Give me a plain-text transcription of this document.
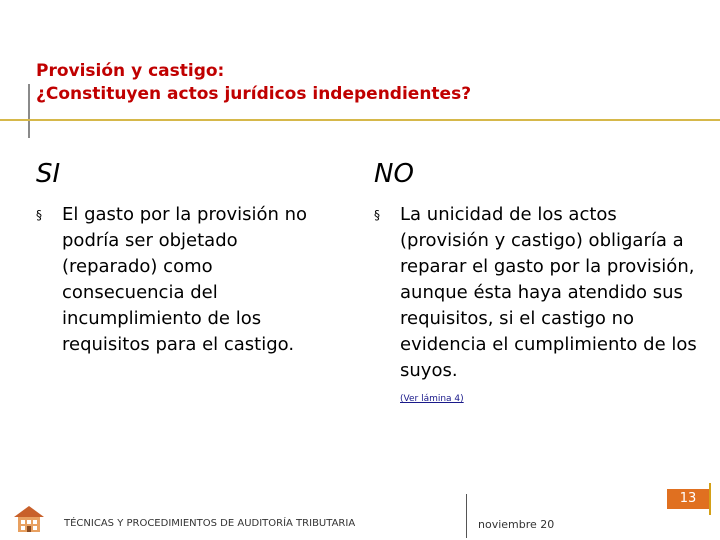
Provisión y castigo:
¿Constituyen actos jurídicos independientes?
SI	NO
§	El gasto por la provisión no podría ser objetado (reparado) como consecuencia del incumplimiento de los requisitos para el castigo.
§	La unicidad de los actos (provisión y castigo) obligaría a reparar el gasto por la provisión, aunque ésta haya atendido sus requisitos, si el castigo no evidencia el cumplimiento de los suyos.
(Ver lámina 4)
TÉCNICAS Y PROCEDIMIENTOS DE AUDITORÍA TRIBUTARIA	noviembre 20
13
